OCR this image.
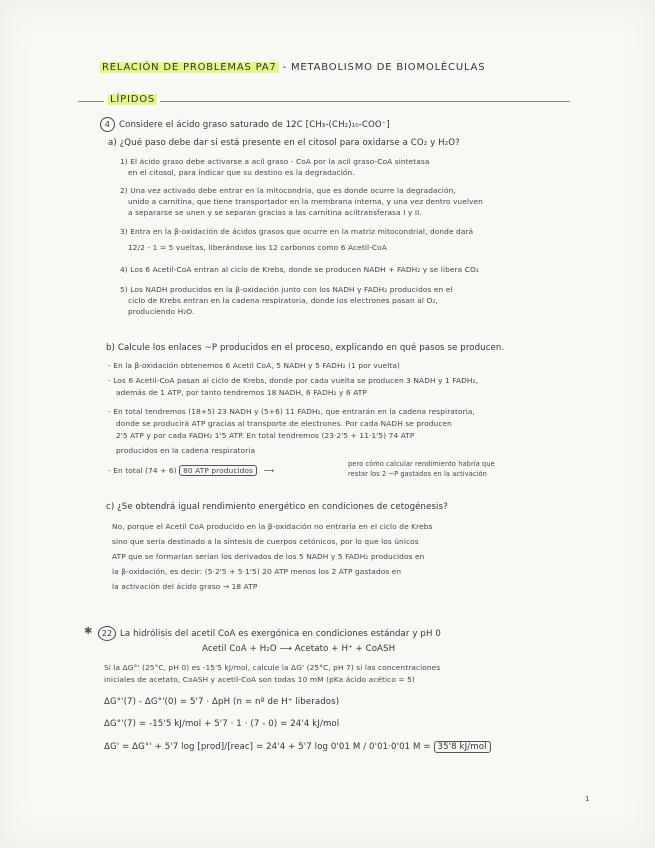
RELACIÓN DE PROBLEMAS PA7 - METABOLISMO DE BIOMOLÉCULAS
LÍPIDOS
4 Considere el ácido graso saturado de 12C [CH₃-(CH₂)₁₀-COO⁻]
a) ¿Qué paso debe dar si está presente en el citosol para oxidarse a CO₂ y H₂O?
1) El ácido graso debe activarse a acil graso - CoA por la acil graso-CoA sintetasa
en el citosol, para indicar que su destino es la degradación.
2) Una vez activado debe entrar en la mitocondria, que es donde ocurre la degradación,
unido a carnitina, que tiene transportador en la membrana interna, y una vez dentro vuelven
a separarse se unen y se separan gracias a las carnitina aciltransferasa I y II.
3) Entra en la β-oxidación de ácidos grasos que ocurre en la matriz mitocondrial, donde dará
12/2 - 1 = 5 vueltas, liberándose los 12 carbonos como 6 Acetil-CoA
4) Los 6 Acetil-CoA entran al ciclo de Krebs, donde se producen NADH + FADH₂ y se libera CO₂
5) Los NADH producidos en la β-oxidación junto con los NADH y FADH₂ producidos en el
ciclo de Krebs entran en la cadena respiratoria, donde los electrones pasan al O₂,
produciendo H₂O.
b) Calcule los enlaces ~P producidos en el proceso, explicando en qué pasos se producen.
- En la β-oxidación obtenemos 6 Acetil CoA, 5 NADH y 5 FADH₂ (1 por vuelta)
- Los 6 Acetil-CoA pasan al ciclo de Krebs, donde por cada vuelta se producen 3 NADH y 1 FADH₂,
además de 1 ATP, por tanto tendremos 18 NADH, 6 FADH₂ y 6 ATP
- En total tendremos (18+5) 23 NADH y (5+6) 11 FADH₂, que entrarán en la cadena respiratoria,
donde se producirá ATP gracias al transporte de electrones. Por cada NADH se producen
2'5 ATP y por cada FADH₂ 1'5 ATP. En total tendremos (23·2'5 + 11·1'5) 74 ATP
producidos en la cadena respiratoria
- En total (74 + 6) 80 ATP producidos ⟶
pero cómo calcular rendimiento habría que
restar los 2 ~P gastados en la activación
c) ¿Se obtendrá igual rendimiento energético en condiciones de cetogénesis?
No, porque el Acetil CoA producido en la β-oxidación no entraría en el ciclo de Krebs
sino que sería destinado a la síntesis de cuerpos cetónicos, por lo que los únicos
ATP que se formarían serían los derivados de los 5 NADH y 5 FADH₂ producidos en
la β-oxidación, es decir: (5·2'5 + 5·1'5) 20 ATP menos los 2 ATP gastados en
la activación del ácido graso → 18 ATP
✱	22 La hidrólisis del acetil CoA es exergónica en condiciones estándar y pH 0
Acetil CoA + H₂O ⟶ Acetato + H⁺ + CoASH
Si la ΔG°' (25°C, pH 0) es -15'5 kJ/mol, calcule la ΔG' (25°C, pH 7) si las concentraciones
iniciales de acetato, CoASH y acetil-CoA son todas 10 mM (pKa ácido acético = 5)
ΔG°'(7) - ΔG°'(0) = 5'7 · ΔpH (n = nº de H⁺ liberados)
ΔG°'(7) = -15'5 kJ/mol + 5'7 · 1 · (7 - 0) = 24'4 kJ/mol
ΔG' = ΔG°' + 5'7 log [prod]/[reac] = 24'4 + 5'7 log 0'01 M / 0'01·0'01 M = 35'8 kJ/mol
1
